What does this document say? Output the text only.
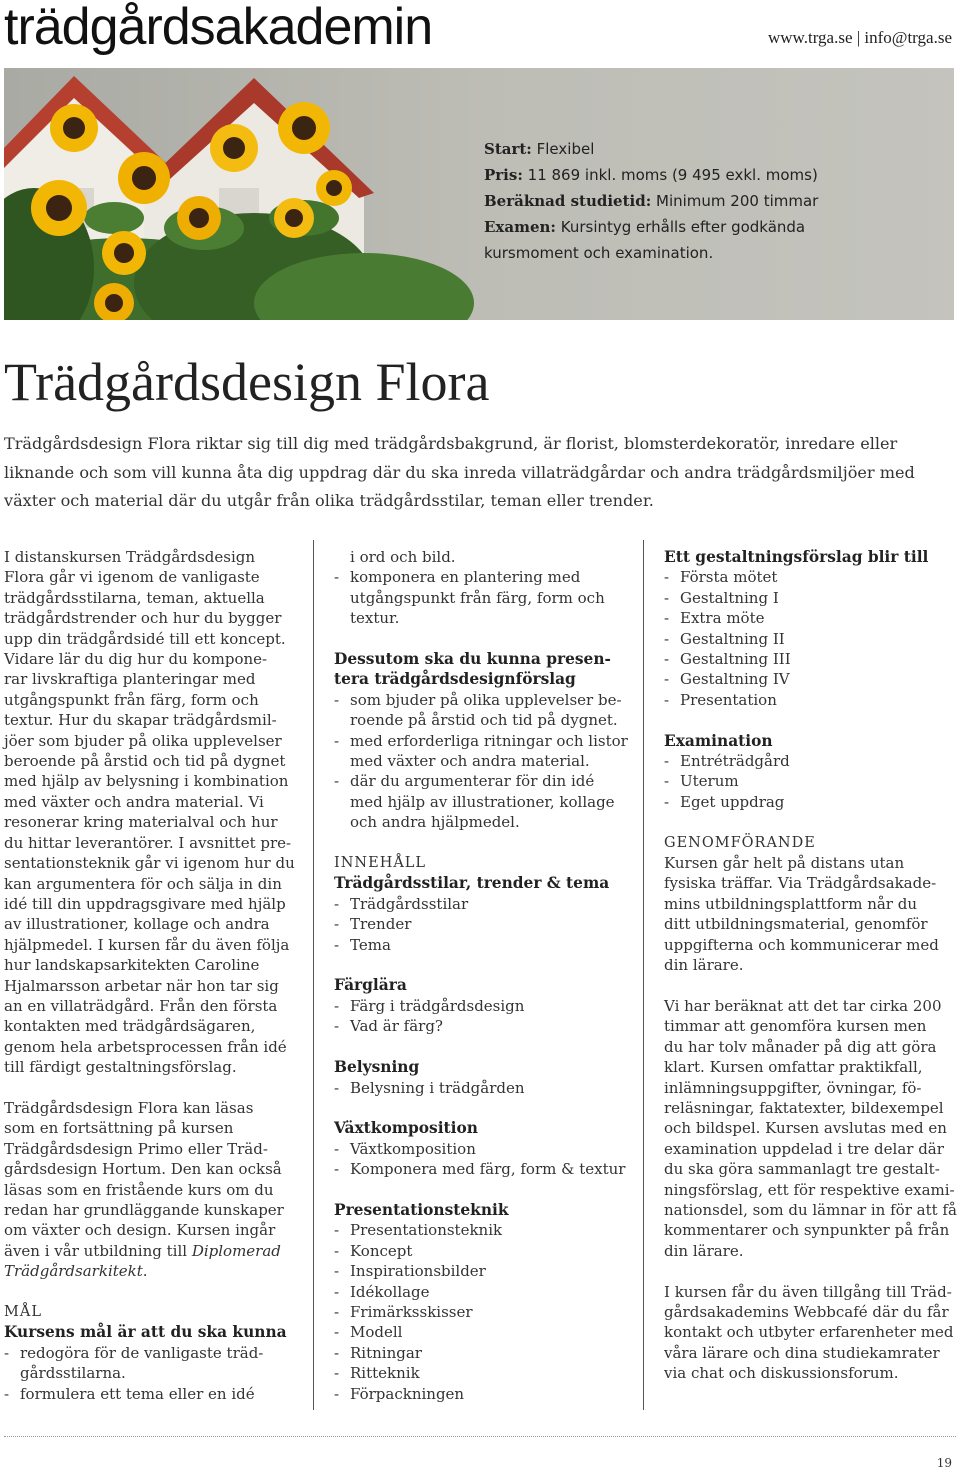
trädgårdsakademin	www.trga.se | info@trga.se
Start: Flexibel
Pris: 11 869 inkl. moms (9 495 exkl. moms)
Beräknad studietid: Minimum 200 timmar
Examen: Kursintyg erhålls efter godkända
kursmoment och examination.
Trädgårdsdesign Flora
Trädgårdsdesign Flora riktar sig till dig med trädgårdsbakgrund, är florist, blomsterdekoratör, inredare eller
liknande och som vill kunna åta dig uppdrag där du ska inreda villaträdgårdar och andra trädgårdsmiljöer med
växter och material där du utgår från olika trädgårdsstilar, teman eller trender.

I distanskursen Trädgårdsdesign
Flora går vi igenom de vanligaste
trädgårdsstilarna, teman, aktuella
trädgårdstrender och hur du bygger
upp din trädgårdsidé till ett koncept.
Vidare lär du dig hur du kompone-
rar livskraftiga planteringar med
utgångspunkt från färg, form och
textur. Hur du skapar trädgårdsmil-
jöer som bjuder på olika upplevelser
beroende på årstid och tid på dygnet
med hjälp av belysning i kombination
med växter och andra material. Vi
resonerar kring materialval och hur
du hittar leverantörer. I avsnittet pre-
sentationsteknik går vi igenom hur du
kan argumentera för och sälja in din
idé till din uppdragsgivare med hjälp
av illustrationer, kollage och andra
hjälpmedel. I kursen får du även följa
hur landskapsarkitekten Caroline
Hjalmarsson arbetar när hon tar sig
an en villaträdgård. Från den första
kontakten med trädgårdsägaren,
genom hela arbetsprocessen från idé
till färdigt gestaltningsförslag.

Trädgårdsdesign Flora kan läsas
som en fortsättning på kursen
Trädgårdsdesign Primo eller Träd-
gårdsdesign Hortum. Den kan också
läsas som en fristående kurs om du
redan har grundläggande kunskaper
om växter och design. Kursen ingår
även i vår utbildning till Diplomerad
Trädgårdsarkitekt.

MÅL
Kursens mål är att du ska kunna
- redogöra för de vanligaste träd-
gårdsstilarna.
- formulera ett tema eller en idé
i ord och bild.
- komponera en plantering med
utgångspunkt från färg, form och
textur.
Dessutom ska du kunna presen-
tera trädgårdsdesignförslag
- som bjuder på olika upplevelser be-
roende på årstid och tid på dygnet.
- med erforderliga ritningar och listor
med växter och andra material.
- där du argumenterar för din idé
med hjälp av illustrationer, kollage
och andra hjälpmedel.
INNEHÅLL
Trädgårdsstilar, trender & tema
- Trädgårdsstilar
- Trender
- Tema
Färglära
- Färg i trädgårdsdesign
- Vad är färg?
Belysning
- Belysning i trädgården
Växtkomposition
- Växtkomposition
- Komponera med färg, form & textur
Presentationsteknik
- Presentationsteknik
- Koncept
- Inspirationsbilder
- Idékollage
- Frimärksskisser
- Modell
- Ritningar
- Ritteknik
- Förpackningen
Ett gestaltningsförslag blir till
- Första mötet
- Gestaltning I
- Extra möte
- Gestaltning II
- Gestaltning III
- Gestaltning IV
- Presentation
Examination
- Entréträdgård
- Uterum
- Eget uppdrag
GENOMFÖRANDE

Kursen går helt på distans utan
fysiska träffar. Via Trädgårdsakade-
mins utbildningsplattform når du
ditt utbildningsmaterial, genomför
uppgifterna och kommunicerar med
din lärare.

Vi har beräknat att det tar cirka 200
timmar att genomföra kursen men
du har tolv månader på dig att göra
klart. Kursen omfattar praktikfall,
inlämningsuppgifter, övningar, fö-
reläsningar, faktatexter, bildexempel
och bildspel. Kursen avslutas med en
examination uppdelad i tre delar där
du ska göra sammanlagt tre gestalt-
ningsförslag, ett för respektive exami-
nationsdel, som du lämnar in för att få
kommentarer och synpunkter på från
din lärare.

I kursen får du även tillgång till Träd-
gårdsakademins Webbcafé där du får
kontakt och utbyter erfarenheter med
våra lärare och dina studiekamrater
via chat och diskussionsforum.

19
